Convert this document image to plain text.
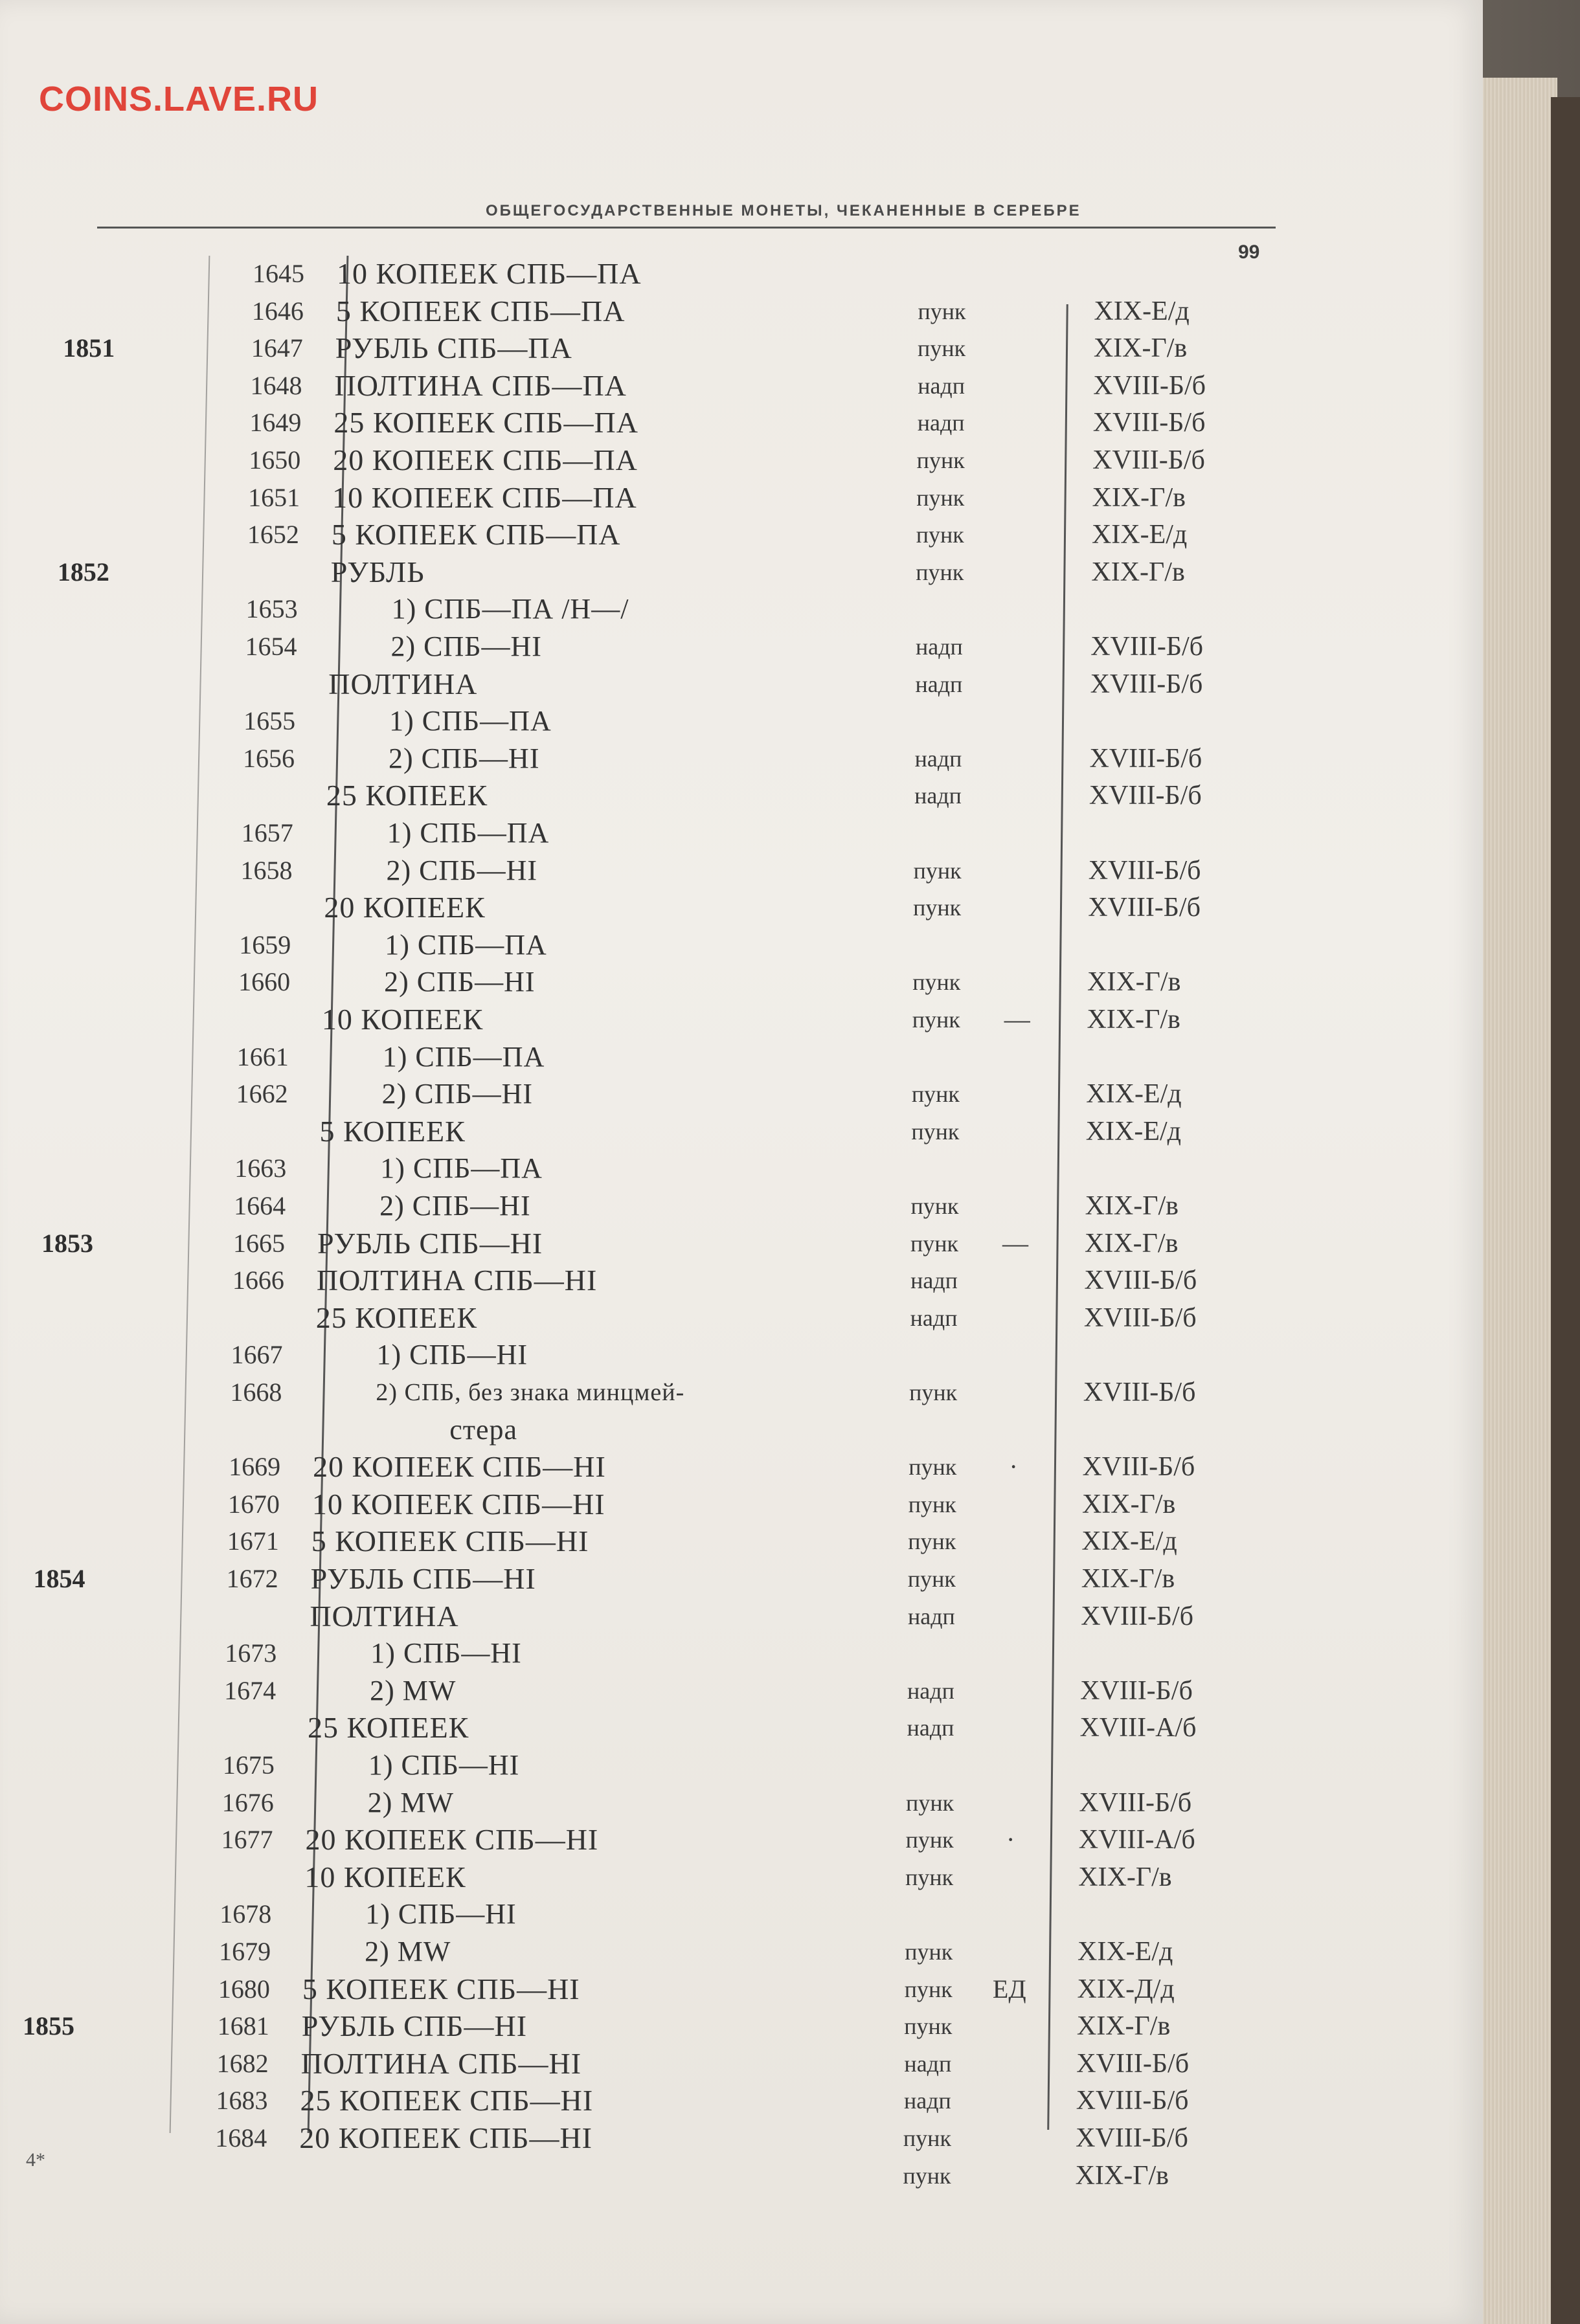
COINS.LAVE.RU
ОБЩЕГОСУДАРСТВЕННЫЕ МОНЕТЫ, ЧЕКАНЕННЫЕ В СЕРЕБРЕ
99
1645 10 КОПЕЕК СПБ—ПА
1646 5 КОПЕЕК СПБ—ПА	пунк	XIX-Е/д
1851	1647 РУБЛЬ СПБ—ПА	пунк	XIX-Г/в
1648 ПОЛТИНА СПБ—ПА	надп	XVIII-Б/б
1649 25 КОПЕЕК СПБ—ПА	надп	XVIII-Б/б
1650 20 КОПЕЕК СПБ—ПА	пунк	XVIII-Б/б
1651 10 КОПЕЕК СПБ—ПА	пунк	XIX-Г/в
1652 5 КОПЕЕК СПБ—ПА	пунк	XIX-Е/д
1852	РУБЛЬ	пунк	XIX-Г/в
1653	1) СПБ—ПА /Н—/
1654	2) СПБ—НI	надп	XVIII-Б/б
ПОЛТИНА	надп	XVIII-Б/б
1655	1) СПБ—ПА
1656	2) СПБ—НI	надп	XVIII-Б/б
25 КОПЕЕК	надп	XVIII-Б/б
1657	1) СПБ—ПА
1658	2) СПБ—НI	пунк	XVIII-Б/б
20 КОПЕЕК	пунк	XVIII-Б/б
1659	1) СПБ—ПА
1660	2) СПБ—НI	пунк	XIX-Г/в
10 КОПЕЕК	пунк	—	XIX-Г/в
1661	1) СПБ—ПА
1662	2) СПБ—НI	пунк	XIX-Е/д
5 КОПЕЕК	пунк	XIX-Е/д
1663	1) СПБ—ПА
1664	2) СПБ—НI	пунк	XIX-Г/в
1853	1665 РУБЛЬ СПБ—НI	пунк	—	XIX-Г/в
1666 ПОЛТИНА СПБ—НI	надп	XVIII-Б/б
25 КОПЕЕК	надп	XVIII-Б/б
1667	1) СПБ—НI
1668	2) СПБ, без знака минцмей-	пунк	XVIII-Б/б
стера
1669 20 КОПЕЕК СПБ—НI	пунк	·	XVIII-Б/б
1670 10 КОПЕЕК СПБ—НI	пунк	XIX-Г/в
1671 5 КОПЕЕК СПБ—НI	пунк	XIX-Е/д
1854	1672 РУБЛЬ СПБ—НI	пунк	XIX-Г/в
ПОЛТИНА	надп	XVIII-Б/б
1673	1) СПБ—НI
1674	2) MW	надп	XVIII-Б/б
25 КОПЕЕК	надп	XVIII-А/б
1675	1) СПБ—НI
1676	2) MW	пунк	XVIII-Б/б
1677 20 КОПЕЕК СПБ—НI	пунк	·	XVIII-А/б
10 КОПЕЕК	пунк	XIX-Г/в
1678	1) СПБ—НI
1679	2) MW	пунк	XIX-Е/д
1680 5 КОПЕЕК СПБ—НI	пунк	ЕД	XIX-Д/д
1855	1681 РУБЛЬ СПБ—НI	пунк	XIX-Г/в
1682 ПОЛТИНА СПБ—НI	надп	XVIII-Б/б
1683 25 КОПЕЕК СПБ—НI	надп	XVIII-Б/б
1684 20 КОПЕЕК СПБ—НI	пунк	XVIII-Б/б
пунк	XIX-Г/в
4*
